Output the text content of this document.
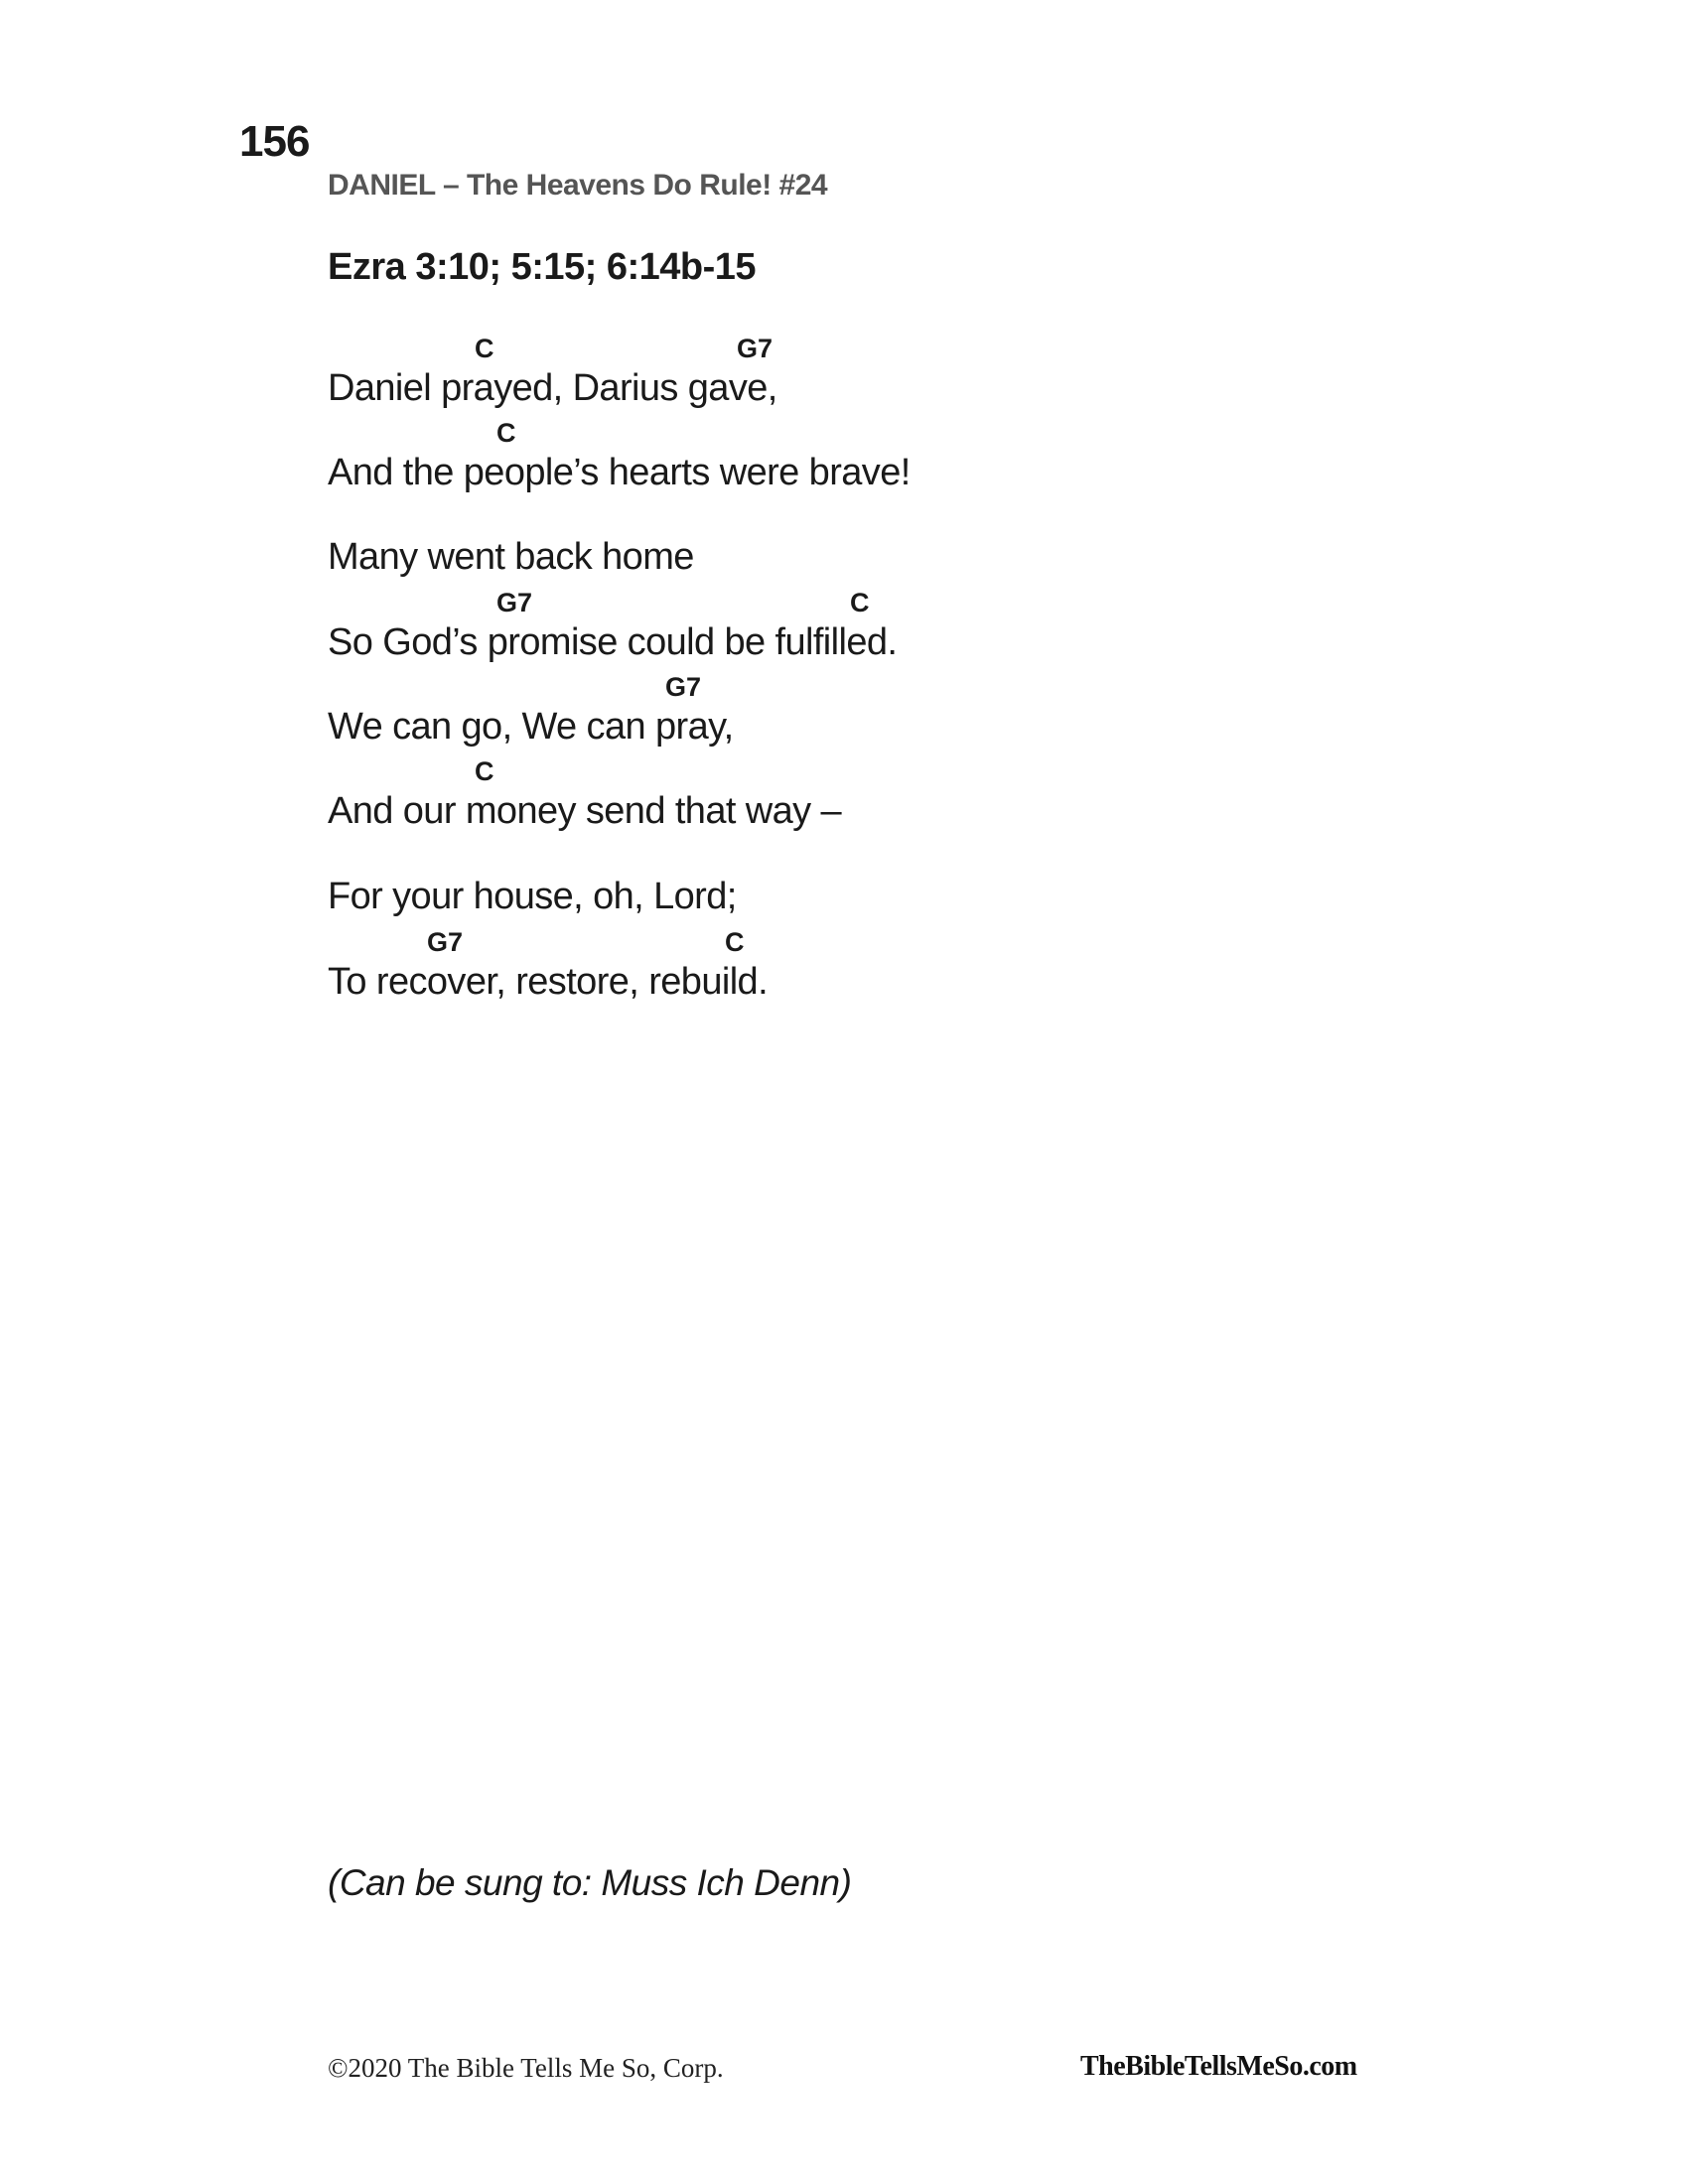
156
DANIEL – The Heavens Do Rule! #24
Ezra 3:10; 5:15; 6:14b-15
C	G7
Daniel prayed, Darius gave,
C
And the people’s hearts were brave!
Many went back home
G7	C
So God’s promise could be fulfilled.
G7
We can go, We can pray,
C
And our money send that way –
For your house, oh, Lord;
G7	C
To recover, restore, rebuild.
(Can be sung to: Muss Ich Denn)
©2020 The Bible Tells Me So, Corp.	TheBibleTellsMeSo.com
